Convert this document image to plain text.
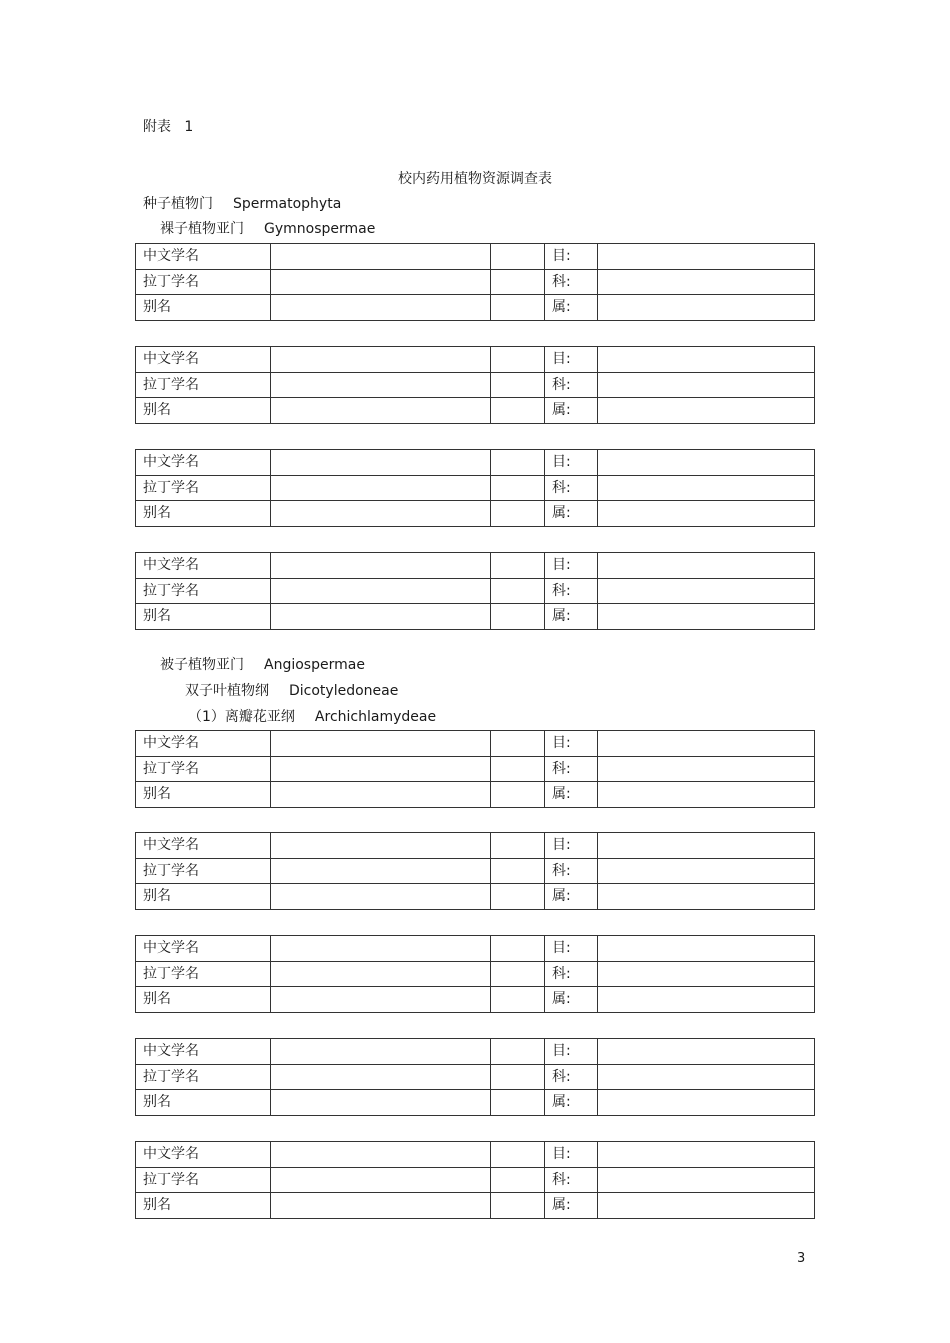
附表 1
校内药用植物资源调查表
种子植物门 Spermatophyta
裸子植物亚门 Gymnospermae
中文学名			目:	
拉丁学名			科:	
别名			属:	
中文学名			目:	
拉丁学名			科:	
别名			属:	
中文学名			目:	
拉丁学名			科:	
别名			属:	
中文学名			目:	
拉丁学名			科:	
别名			属:	
中文学名			目:	
拉丁学名			科:	
别名			属:	
中文学名			目:	
拉丁学名			科:	
别名			属:	
中文学名			目:	
拉丁学名			科:	
别名			属:	
中文学名			目:	
拉丁学名			科:	
别名			属:	
中文学名			目:	
拉丁学名			科:	
别名			属:	
被子植物亚门 Angiospermae
双子叶植物纲 Dicotyledoneae
（1）离瓣花亚纲 Archichlamydeae
3
